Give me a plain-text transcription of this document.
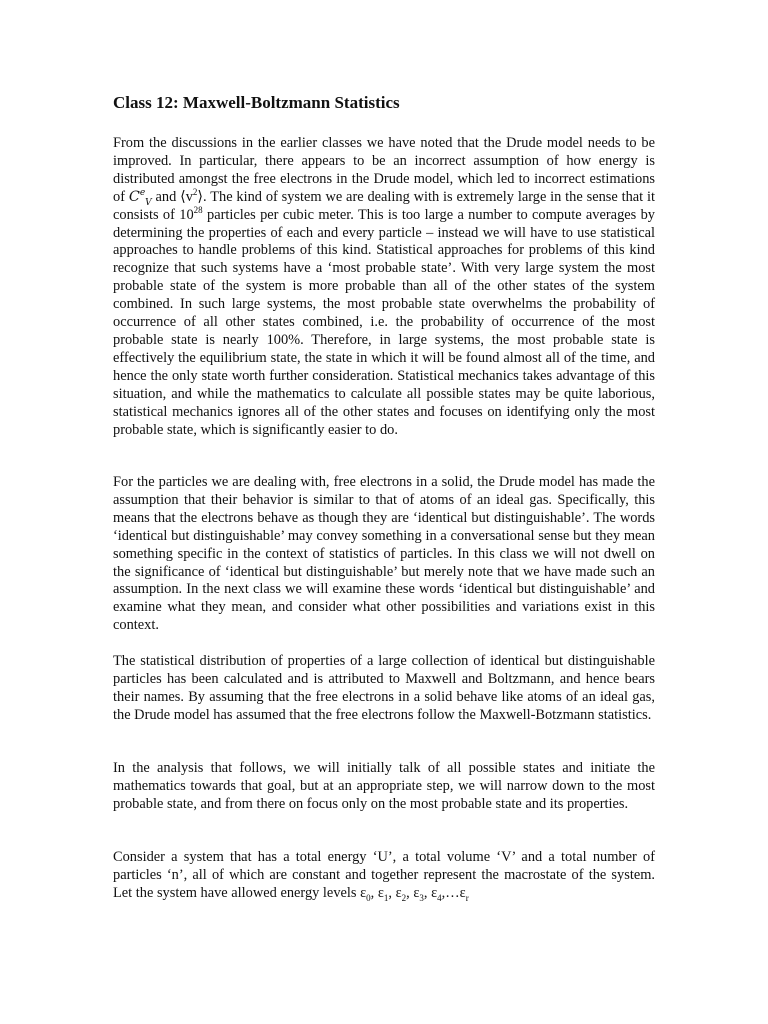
Class 12: Maxwell-Boltzmann Statistics

From the discussions in the earlier classes we have noted that the Drude model needs to be improved. In particular, there appears to be an incorrect assumption of how energy is distributed amongst the free electrons in the Drude model, which led to incorrect estimations of $C^e_V$ and $⟨v^2⟩$. The kind of system we are dealing with is extremely large in the sense that it consists of $10^{28}$ particles per cubic meter. This is too large a number to compute averages by determining the properties of each and every particle – instead we will have to use statistical approaches to handle problems of this kind. Statistical approaches for problems of this kind recognize that such systems have a ‘most probable state’. With very large system the most probable state of the system is more probable than all of the other states of the system combined. In such large systems, the most probable state overwhelms the probability of occurrence of all other states combined, i.e. the probability of occurrence of the most probable state is nearly 100%. Therefore, in large systems, the most probable state is effectively the equilibrium state, the state in which it will be found almost all of the time, and hence the only state worth further consideration. Statistical mechanics takes advantage of this situation, and while the mathematics to calculate all possible states may be quite laborious, statistical mechanics ignores all of the other states and focuses on identifying only the most probable state, which is significantly easier to do.

For the particles we are dealing with, free electrons in a solid, the Drude model has made the assumption that their behavior is similar to that of atoms of an ideal gas. Specifically, this means that the electrons behave as though they are ‘identical but distinguishable’. The words ‘identical but distinguishable’ may convey something in a conversational sense but they mean something specific in the context of statistics of particles. In this class we will not dwell on the significance of ‘identical but distinguishable’ but merely note that we have made such an assumption. In the next class we will examine these words ‘identical but distinguishable’ and examine what they mean, and consider what other possibilities and variations exist in this context.

The statistical distribution of properties of a large collection of identical but distinguishable particles has been calculated and is attributed to Maxwell and Boltzmann, and hence bears their names. By assuming that the free electrons in a solid behave like atoms of an ideal gas, the Drude model has assumed that the free electrons follow the Maxwell-Botzmann statistics.

In the analysis that follows, we will initially talk of all possible states and initiate the mathematics towards that goal, but at an appropriate step, we will narrow down to the most probable state, and from there on focus only on the most probable state and its properties.

Consider a system that has a total energy ‘U’, a total volume ‘V’ and a total number of particles ‘n’, all of which are constant and together represent the macrostate of the system. Let the system have allowed energy levels $\varepsilon_0$, $\varepsilon_1$, $\varepsilon_2$, $\varepsilon_3$, $\varepsilon_4,\dots\varepsilon_r$
